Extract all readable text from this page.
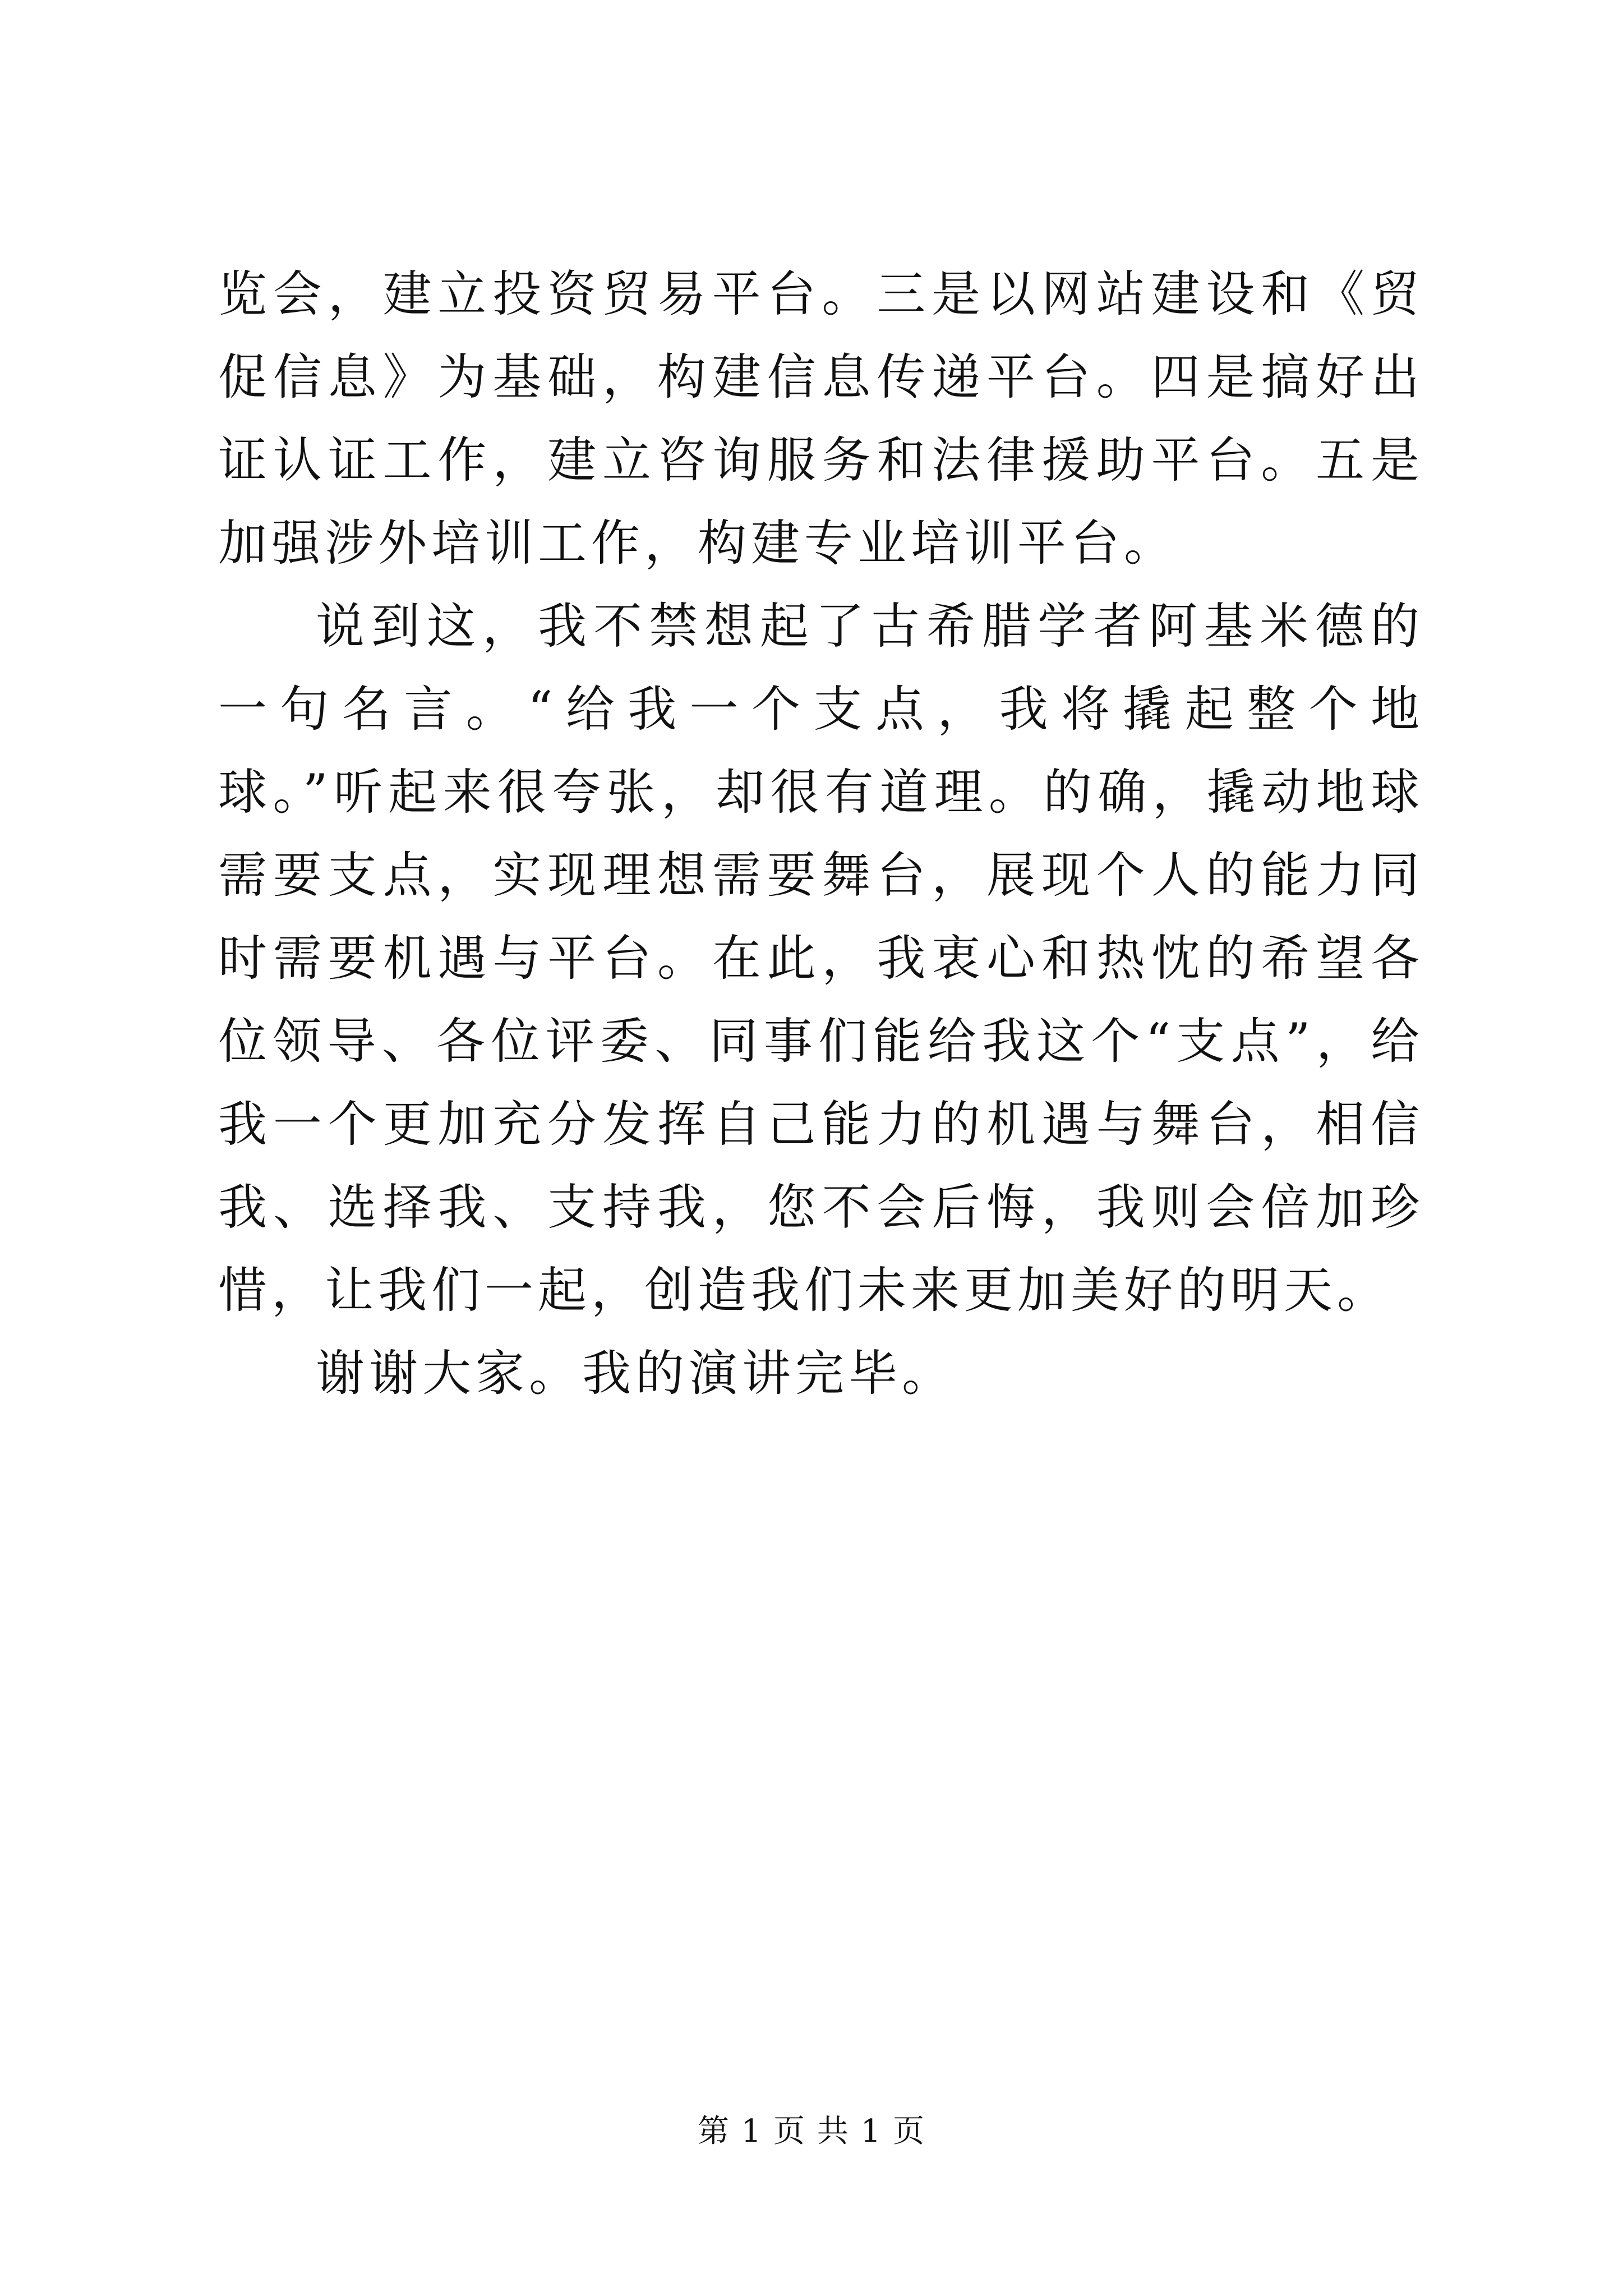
览会，建立投资贸易平台。三是以网站建设和《贸促信息》为基础，构建信息传递平台。四是搞好出证认证工作，建立咨询服务和法律援助平台。五是加强涉外培训工作，构建专业培训平台。

说到这，我不禁想起了古希腊学者阿基米德的一句名言。“给我一个支点，我将撬起整个地球。”听起来很夸张，却很有道理。的确，撬动地球需要支点，实现理想需要舞台，展现个人的能力同时需要机遇与平台。在此，我衷心和热忱的希望各位领导、各位评委、同事们能给我这个“支点”，给我一个更加充分发挥自己能力的机遇与舞台，相信我、选择我、支持我，您不会后悔，我则会倍加珍惜，让我们一起，创造我们未来更加美好的明天。

谢谢大家。我的演讲完毕。

第 1 页 共 1 页
